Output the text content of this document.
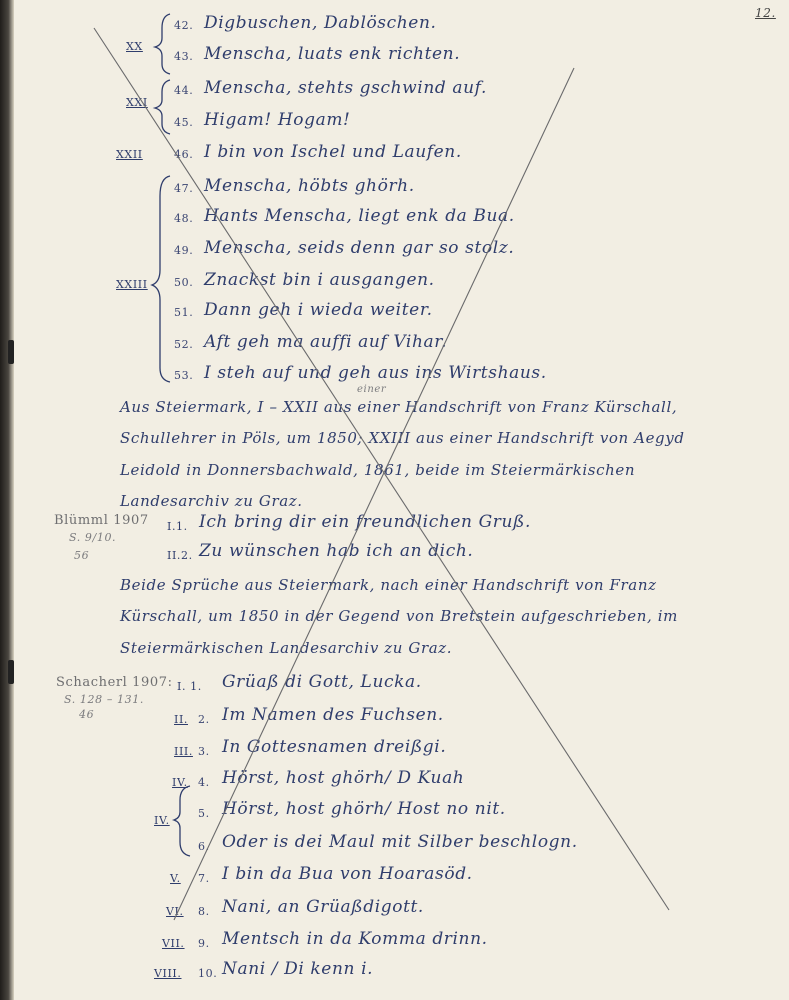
12.
XX
42. Digbuschen, Dablöschen.
43. Menscha, luats enk richten.
XXI
44. Menscha, stehts gschwind auf.
45. Higam! Hogam!
XXII	46. I bin von Ischel und Laufen.
XXIII
47. Menscha, höbts ghörh.
48. Hants Menscha, liegt enk da Bua.
49. Menscha, seids denn gar so stolz.
50. Znackst bin i ausgangen.
51. Dann geh i wieda weiter.
52. Aft geh ma auffi auf Vihar.
53. I steh auf und geh aus ins Wirtshaus.
einer
Aus Steiermark, I – XXII aus einer Handschrift von Franz Kürschall,
Schullehrer in Pöls, um 1850; XXIII aus einer Handschrift von Aegyd
Leidold in Donnersbachwald, 1861, beide im Steiermärkischen
Landesarchiv zu Graz.
Blümml 1907
S. 9/10.
56
I.1. Ich bring dir ein freundlichen Gruß.
II.2. Zu wünschen hab ich an dich.
Beide Sprüche aus Steiermark, nach einer Handschrift von Franz
Kürschall, um 1850 in der Gegend von Bretstein aufgeschrieben, im
Steiermärkischen Landesarchiv zu Graz.
Schacherl 1907:
S. 128 – 131.
46
I. 1. Grüaß di Gott, Lucka.
II. 2. Im Namen des Fuchsen.
III. 3. In Gottesnamen dreißgi.
IV. 4. Hörst, host ghörh/ D Kuah
IV.
5. Hörst, host ghörh/ Host no nit.
6. Oder is dei Maul mit Silber beschlogn.
V. 7. I bin da Bua von Hoarasöd.
VI. 8. Nani, an Grüaßdigott.
VII. 9. Mentsch in da Komma drinn.
VIII. 10. Nani / Di kenn i.
